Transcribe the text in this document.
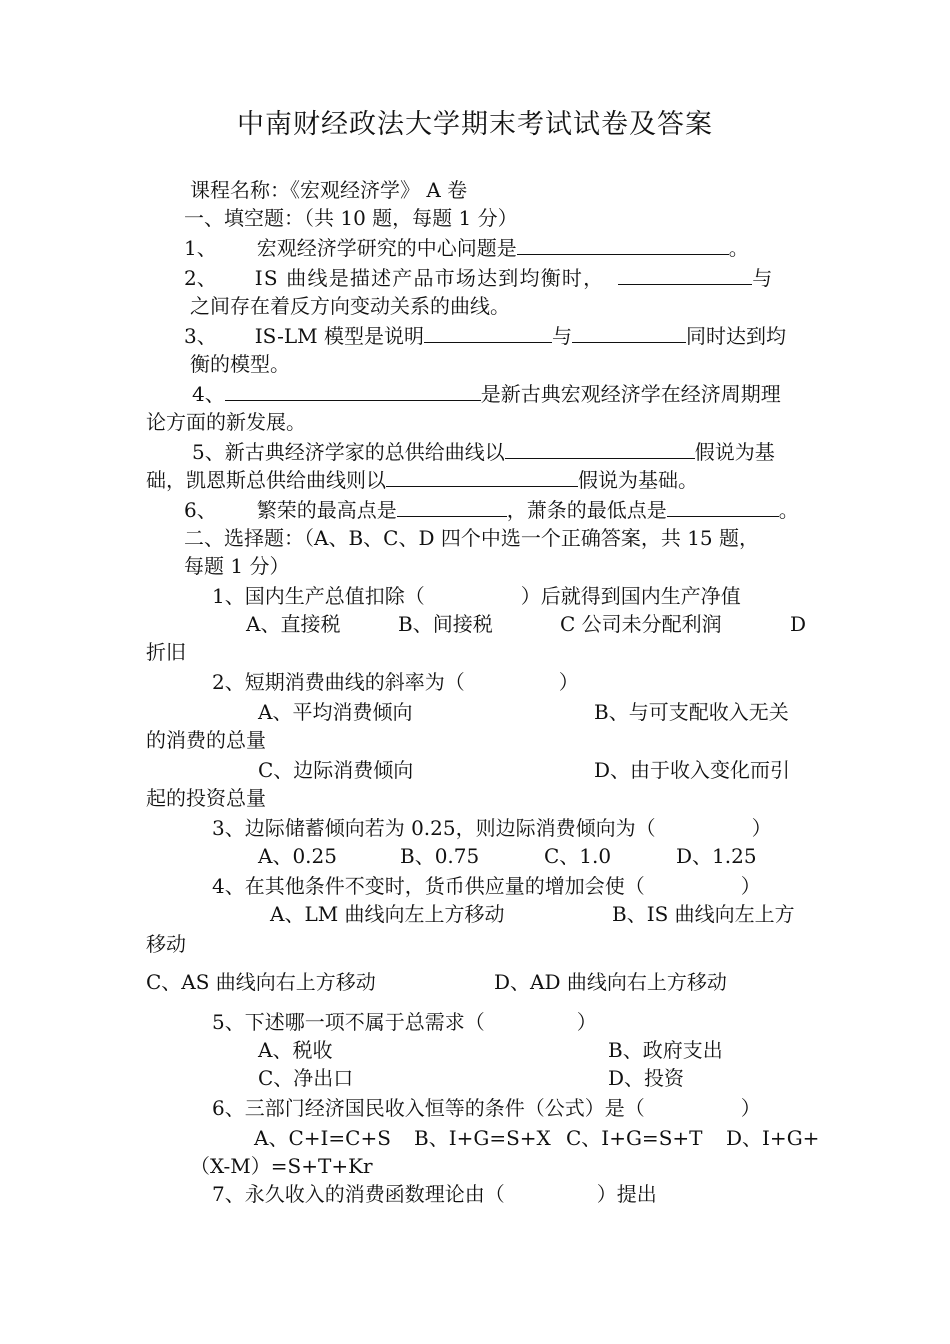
中南财经政法大学期末考试试卷及答案
课程名称：《宏观经济学》 A 卷
一、填空题：（共 10 题，每题 1 分）
1、 宏观经济学研究的中心问题是	。
2、 IS 曲线是描述产品市场达到均衡时，	与
之间存在着反方向变动关系的曲线。
3、 IS-LM 模型是说明	与	同时达到均
衡的模型。
4、	是新古典宏观经济学在经济周期理
论方面的新发展。
5、新古典经济学家的总供给曲线以	假说为基
础，凯恩斯总供给曲线则以	假说为基础。
6、 繁荣的最高点是	，萧条的最低点是	。
二、选择题：（A、B、C、D 四个中选一个正确答案，共 15 题，
每题 1 分）
1、国内生产总值扣除（	）后就得到国内生产净值
A、直接税	B、间接税	C 公司未分配利润	D
折旧
2、短期消费曲线的斜率为（	）
A、平均消费倾向	B、与可支配收入无关
的消费的总量
C、边际消费倾向	D、由于收入变化而引
起的投资总量
3、边际储蓄倾向若为 0.25，则边际消费倾向为（	）
A、0.25	B、0.75	C、1.0	D、1.25
4、在其他条件不变时，货币供应量的增加会使（	）
A、LM 曲线向左上方移动	B、IS 曲线向左上方
移动
C、AS 曲线向右上方移动	D、AD 曲线向右上方移动
5、下述哪一项不属于总需求（	）
A、税收	B、政府支出
C、净出口	D、投资
6、三部门经济国民收入恒等的条件（公式）是（	）
A、C+I=C+S B、I+G=S+X C、I+G=S+T D、I+G+
（X-M）=S+T+Kr
7、永久收入的消费函数理论由（	）提出
